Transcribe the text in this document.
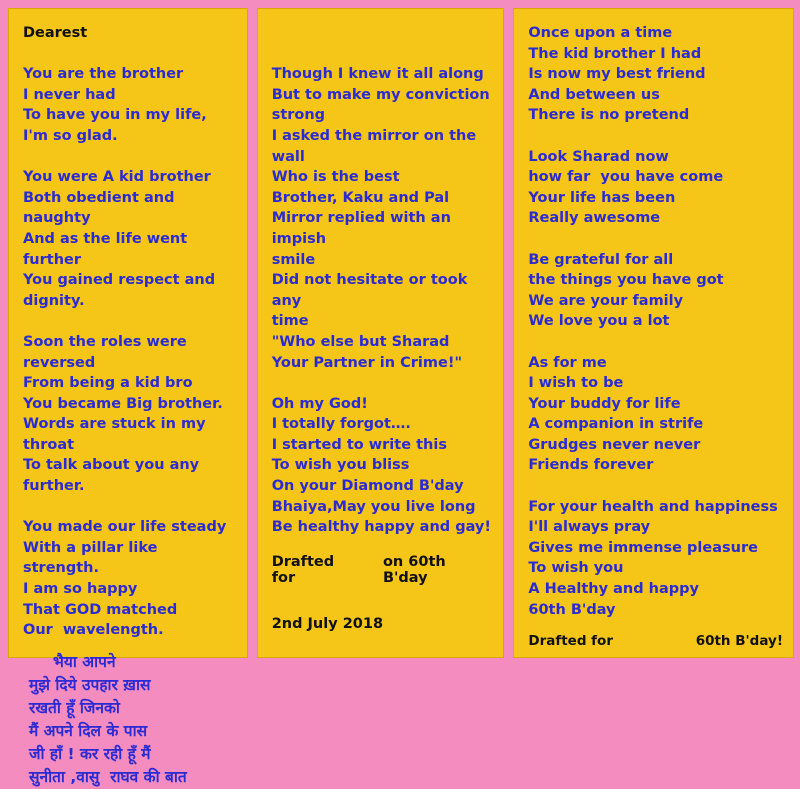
Dearest
You are the brother
I never had
To have you in my life,
I'm so glad.
You were A kid brother
Both obedient and naughty
And as the life went further
You gained respect and dignity.
Soon the roles were reversed
From being a kid bro
You became Big brother.
Words are stuck in my throat
To talk about you any further.
You made our life steady
With a pillar like strength.
I am so happy
That GOD matched
Our  wavelength.
भैया आपने
मुझे दिये उपहार ख़ास
रखती हूँ जिनको
मैं अपने दिल के पास
जी हाँ ! कर रही हूँ मैं
सुनीता ,वासु  राघव की बात
Though I knew it all along
But to make my conviction
strong
I asked the mirror on the wall
Who is the best
Brother, Kaku and Pal
Mirror replied with an impish
smile
Did not hesitate or took any
time
"Who else but Sharad
Your Partner in Crime!"
Oh my God!
I totally forgot….
I started to write this
To wish you bliss
On your Diamond B'day
Bhaiya,May you live long
Be healthy happy and gay!
Drafted for
on 60th B'day
2nd July 2018
Once upon a time
The kid brother I had
Is now my best friend
And between us
There is no pretend
Look Sharad now
how far  you have come
Your life has been
Really awesome
Be grateful for all
the things you have got
We are your family
We love you a lot
As for me
I wish to be
Your buddy for life
A companion in strife
Grudges never never
Friends forever
For your health and happiness
I'll always pray
Gives me immense pleasure
To wish you
A Healthy and happy
60th B'day
Drafted for	60th B'day!
